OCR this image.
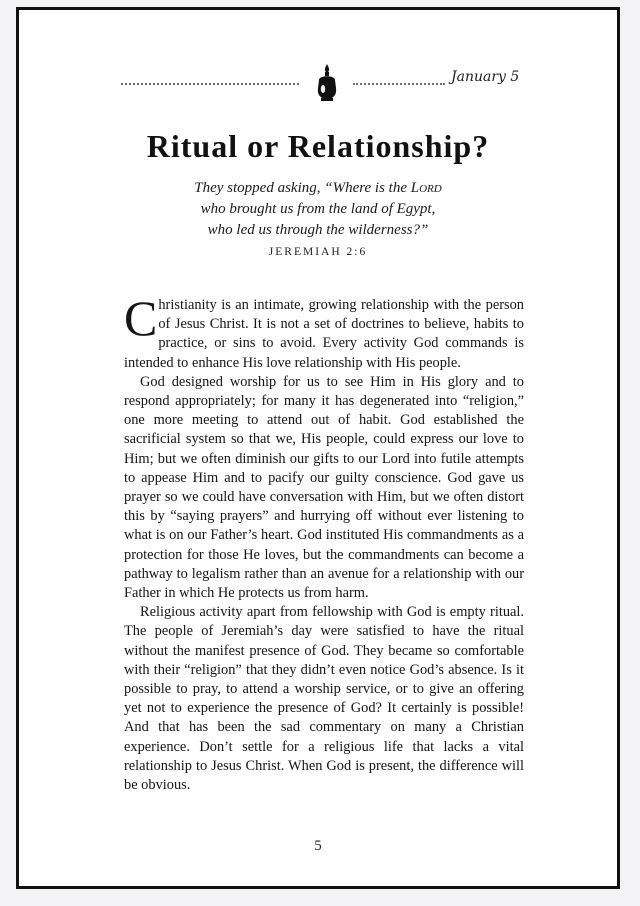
January 5
Ritual or Relationship?
They stopped asking, “Where is the Lord
who brought us from the land of Egypt,
who led us through the wilderness?”
JEREMIAH 2:6

Christianity is an intimate, growing relationship with the person of Jesus Christ. It is not a set of doctrines to believe, habits to practice, or sins to avoid. Every activity God commands is intended to enhance His love relationship with His people.

God designed worship for us to see Him in His glory and to respond appropriately; for many it has degenerated into “religion,” one more meeting to attend out of habit. God established the sacrificial system so that we, His people, could express our love to Him; but we often diminish our gifts to our Lord into futile attempts to appease Him and to pacify our guilty conscience. God gave us prayer so we could have conversation with Him, but we often distort this by “saying prayers” and hurrying off without ever listening to what is on our Father’s heart. God instituted His commandments as a protection for those He loves, but the commandments can become a pathway to legalism rather than an avenue for a relationship with our Father in which He protects us from harm.

Religious activity apart from fellowship with God is empty ritual. The people of Jeremiah’s day were satisfied to have the ritual without the manifest presence of God. They became so comfortable with their “religion” that they didn’t even notice God’s absence. Is it possible to pray, to attend a worship service, or to give an offering yet not to experience the presence of God? It certainly is possible! And that has been the sad commentary on many a Christian experience. Don’t settle for a religious life that lacks a vital relationship to Jesus Christ. When God is present, the difference will be obvious.

5
